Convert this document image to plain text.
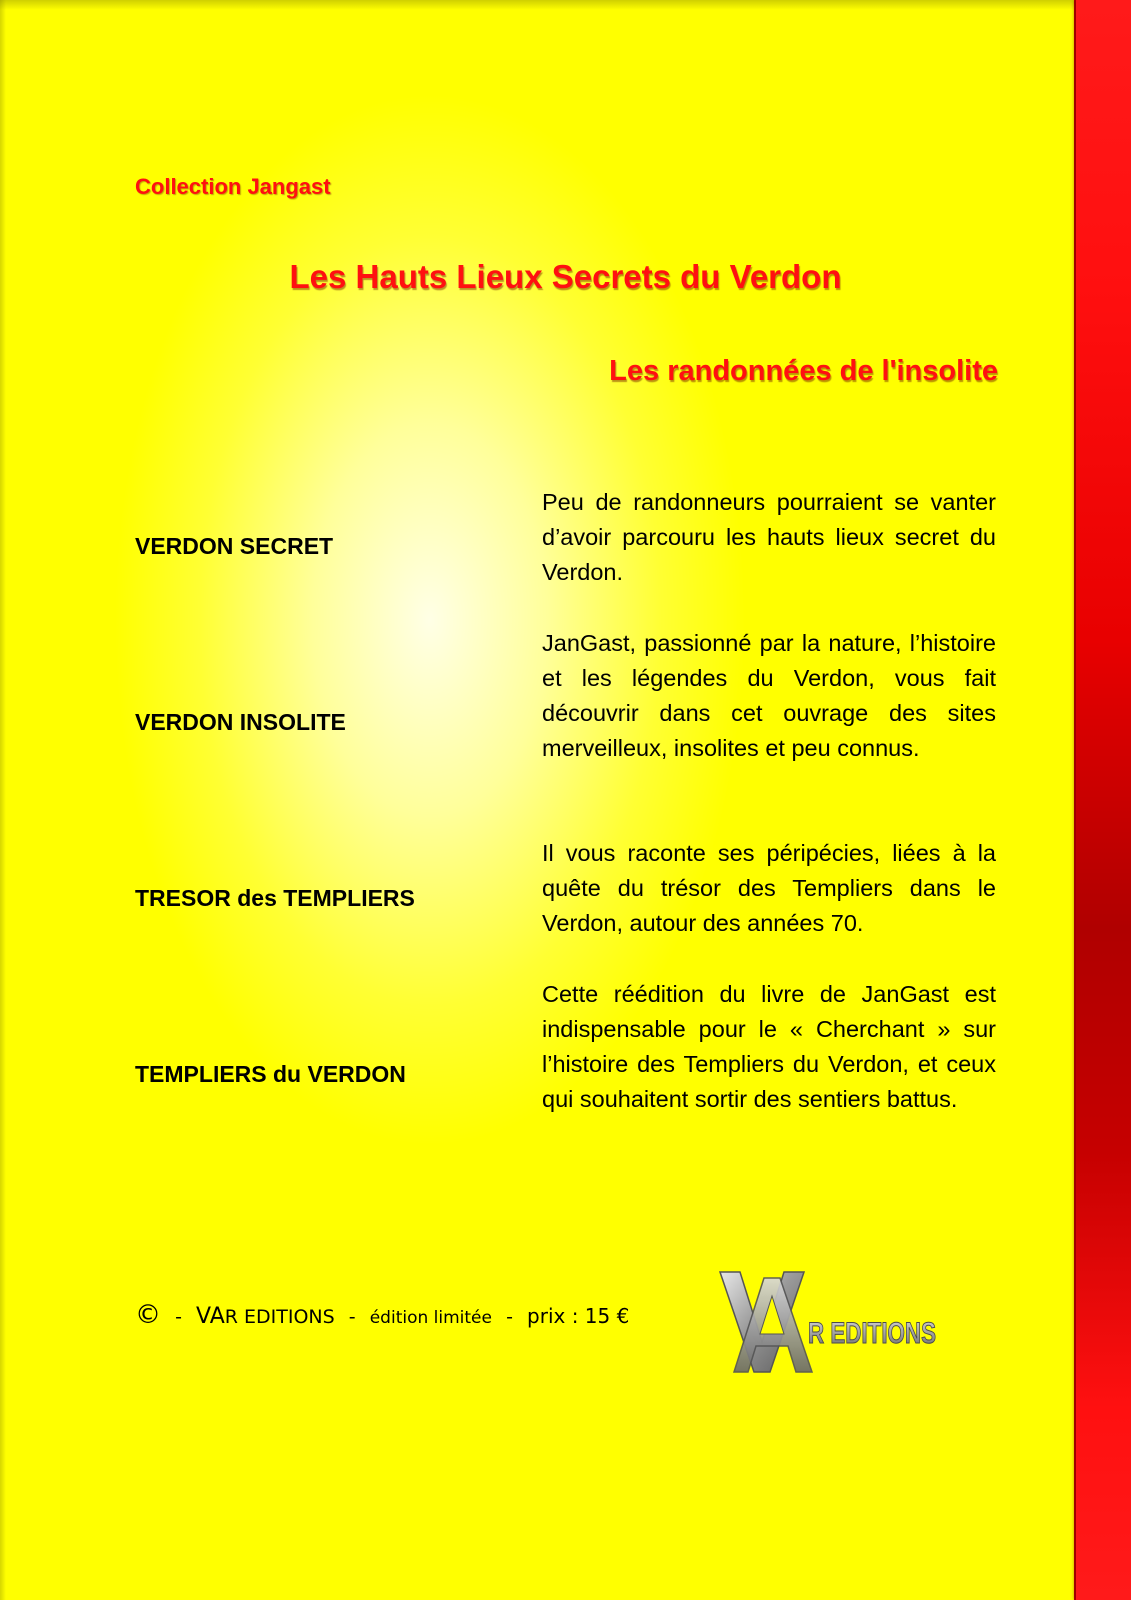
Collection Jangast
Les Hauts Lieux Secrets du Verdon
Les randonnées de l'insolite
VERDON SECRET
VERDON INSOLITE
TRESOR des TEMPLIERS
TEMPLIERS du VERDON
Peu de randonneurs pourraient se vanter d’avoir parcouru les hauts lieux secret du Verdon.
JanGast, passionné par la nature, l’histoire et les légendes du Verdon, vous fait découvrir dans cet ouvrage des sites merveilleux, insolites et peu connus.
Il vous raconte ses péripécies, liées à la quête du trésor des Templiers dans le Verdon, autour des années 70.
Cette réédition du livre de JanGast est indispensable pour le « Cherchant » sur l’histoire des Templiers du Verdon, et ceux qui souhaitent sortir des sentiers battus.
© - VAR EDITIONS - édition limitée - prix : 15 €
R EDITIONS
